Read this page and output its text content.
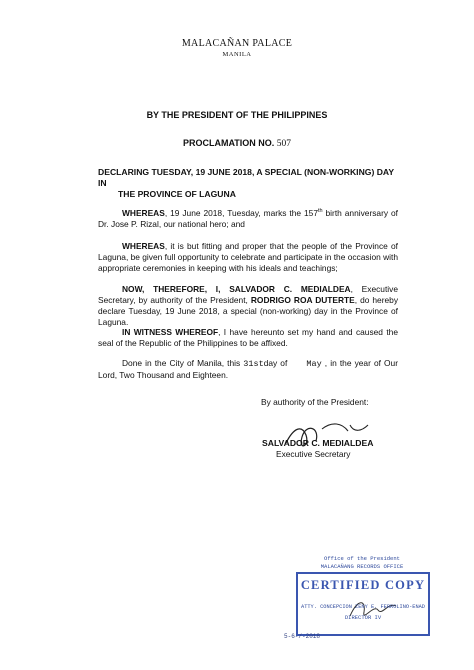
MALACAÑAN PALACE
MANILA
BY THE PRESIDENT OF THE PHILIPPINES
PROCLAMATION NO. 507
DECLARING TUESDAY, 19 JUNE 2018, A SPECIAL (NON-WORKING) DAY IN
THE PROVINCE OF LAGUNA
WHEREAS, 19 June 2018, Tuesday, marks the 157th birth anniversary of Dr. Jose P. Rizal, our national hero; and
WHEREAS, it is but fitting and proper that the people of the Province of Laguna, be given full opportunity to celebrate and participate in the occasion with appropriate ceremonies in keeping with his ideals and teachings;
NOW, THEREFORE, I, SALVADOR C. MEDIALDEA, Executive Secretary, by authority of the President, RODRIGO ROA DUTERTE, do hereby declare Tuesday, 19 June 2018, a special (non-working) day in the Province of Laguna.
IN WITNESS WHEREOF, I have hereunto set my hand and caused the seal of the Republic of the Philippines to be affixed.
Done in the City of Manila, this 31stday of May , in the year of Our Lord, Two Thousand and Eighteen.
By authority of the President:
SALVADOR C. MEDIALDEA
Executive Secretary
Office of the President
MALACAÑANG RECORDS OFFICE
CERTIFIED COPY
ATTY. CONCEPCION ZENY E. FERROLINO-ENAD
DIRECTOR IV
5-6-/-2018
